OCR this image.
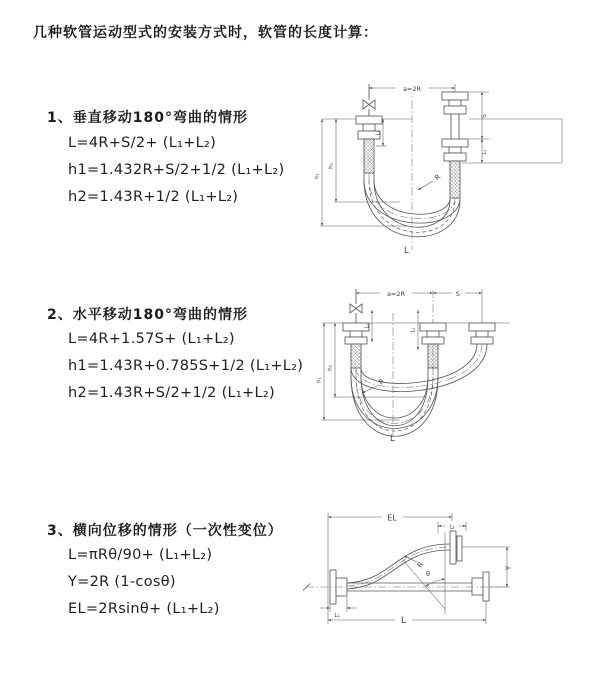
几种软管运动型式的安装方式时，软管的长度计算：
1、垂直移动180°弯曲的情形
L=4R+S/2+ (L₁+L₂)
h1=1.432R+S/2+1/2 (L₁+L₂)
h2=1.43R+1/2 (L₁+L₂)
a=2R
h₁
h₂
L₁
S
L₂
R
L
2、水平移动180°弯曲的情形
L=4R+1.57S+ (L₁+L₂)
h1=1.43R+0.785S+1/2 (L₁+L₂)
h2=1.43R+S/2+1/2 (L₁+L₂)
a=2R	S
h₁
h₂
L₁
L₂
R
L
3、横向位移的情形（一次性变位）
L=πRθ/90+ (L₁+L₂)
Y=2R (1-cosθ)
EL=2Rsinθ+ (L₁+L₂)
EL
L₂
Y
R
θ
L
L₁
